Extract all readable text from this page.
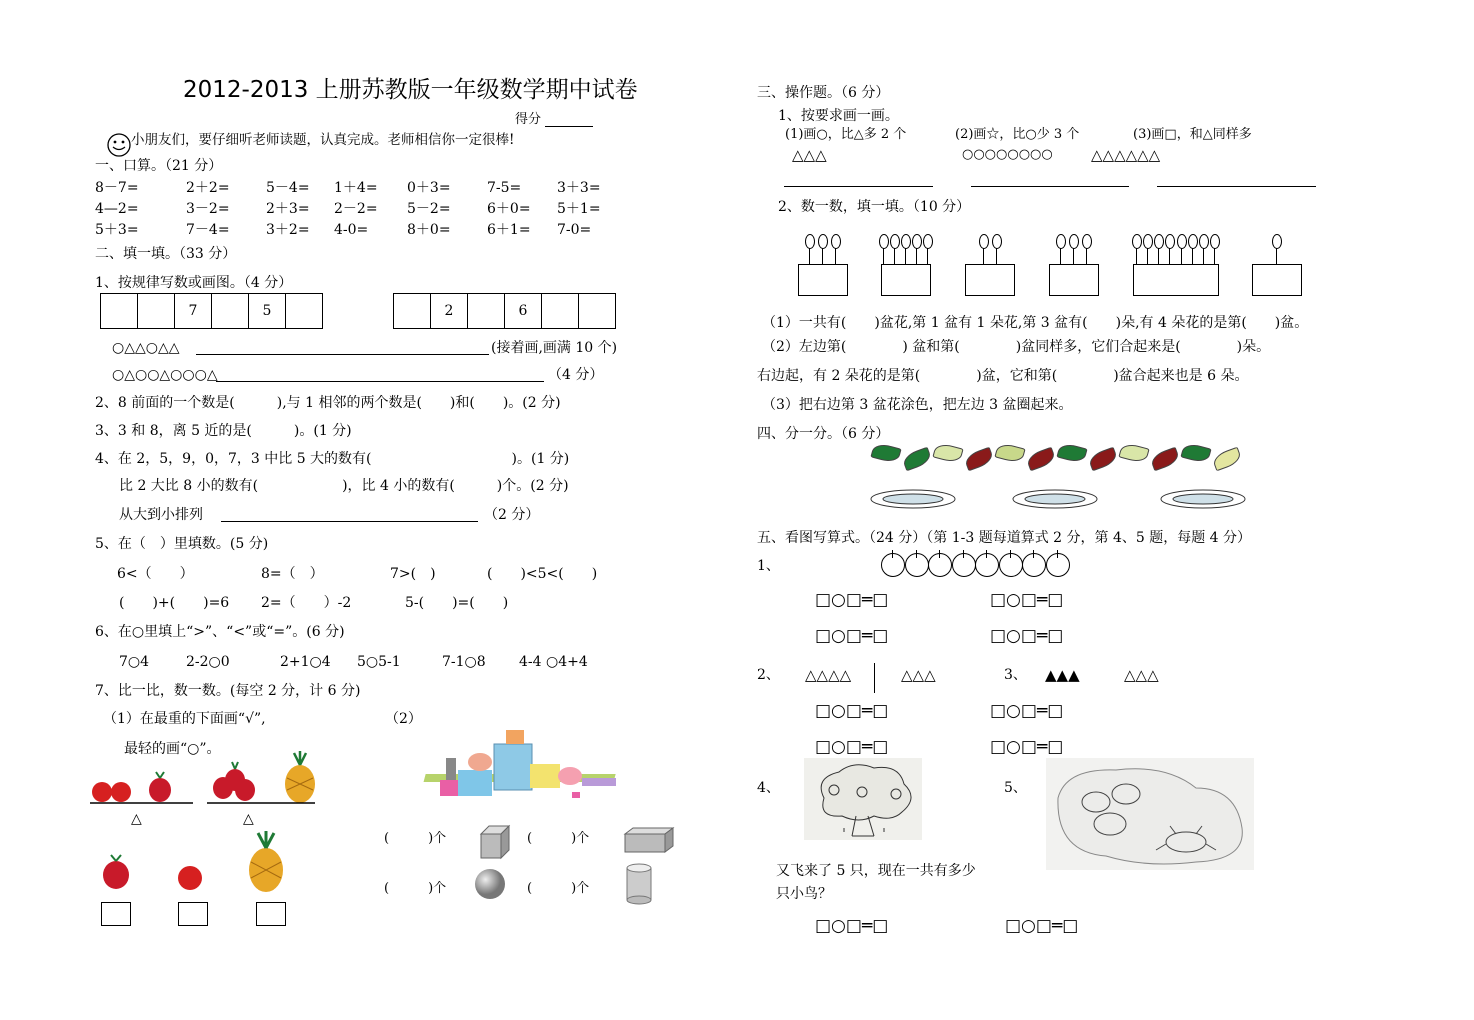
2012-2013 上册苏教版一年级数学期中试卷
得分
小朋友们，要仔细听老师读题，认真完成。老师相信你一定很棒!
一、口算。（21 分）
8－7=	2＋2=	5－4= 1＋4= 0＋3=	7-5=	3＋3=
4—2=	3－2=	2＋3= 2－2= 5－2=	6＋0= 5＋1=
5＋3=	7－4=	3＋2= 4-0=	8＋0=	6＋1= 7-0=
二、填一填。（33 分）
1、按规律写数或画图。（4 分）
7	5	2	6
○△△○△△	(接着画,画满 10 个)
○△○○△○○○△	（4 分）
2、8 前面的一个数是(　　　),与 1 相邻的两个数是(　　)和(　　)。(2 分)
3、3 和 8，离 5 近的是(　　　)。(1 分)
4、在 2，5，9，0，7，3 中比 5 大的数有(　　　　　　　　　　)。(1 分)
比 2 大比 8 小的数有(　　　　　　)，比 4 小的数有(　　　)个。(2 分)
从大到小排列	（2 分）
5、在（　）里填数。(5 分)
6<（　　）	8=（　）	7>(　)	(　　)<5<(　　)
(　　)+(　　)=6 2=（　　）-2	5-(　　)=(　　)
6、在○里填上“>”、“<”或“=”。(6 分)
7○4	2-2○0	2+1○4 5○5-1	7-1○8 4-4 ○4+4
7、比一比，数一数。(每空 2 分，计 6 分)
（1）在最重的下面画“√”,	（2）
最轻的画“○”。
△	△
(　　　)个	(　　　)个
(　　　)个	(　　　)个
三、操作题。（6 分）
1、按要求画一画。
(1)画○，比△多 2 个
△△△
(2)画☆，比○少 3 个
○○○○○○○○
(3)画□，和△同样多
△△△△△△
2、数一数，填一填。（10 分）
（1）一共有(　　)盆花,第 1 盆有 1 朵花,第 3 盆有(　　)朵,有 4 朵花的是第(　　)盆。
（2）左边第(　　　　) 盆和第(　　　　)盆同样多，它们合起来是(　　　　)朵。
右边起，有 2 朵花的是第(　　　　)盆，它和第(　　　　)盆合起来也是 6 朵。
（3）把右边第 3 盆花涂色，把左边 3 盆圈起来。
四、分一分。（6 分）
五、看图写算式。（24 分）（第 1-3 题每道算式 2 分，第 4、5 题，每题 4 分）
1、
□○□═□	□○□═□
□○□═□	□○□═□
2、 △△△△	△△△	3、 ▲▲▲	△△△
□○□═□	□○□═□
□○□═□	□○□═□
4、	5、
又飞来了 5 只，现在一共有多少
只小鸟？
□○□═□	□○□═□
